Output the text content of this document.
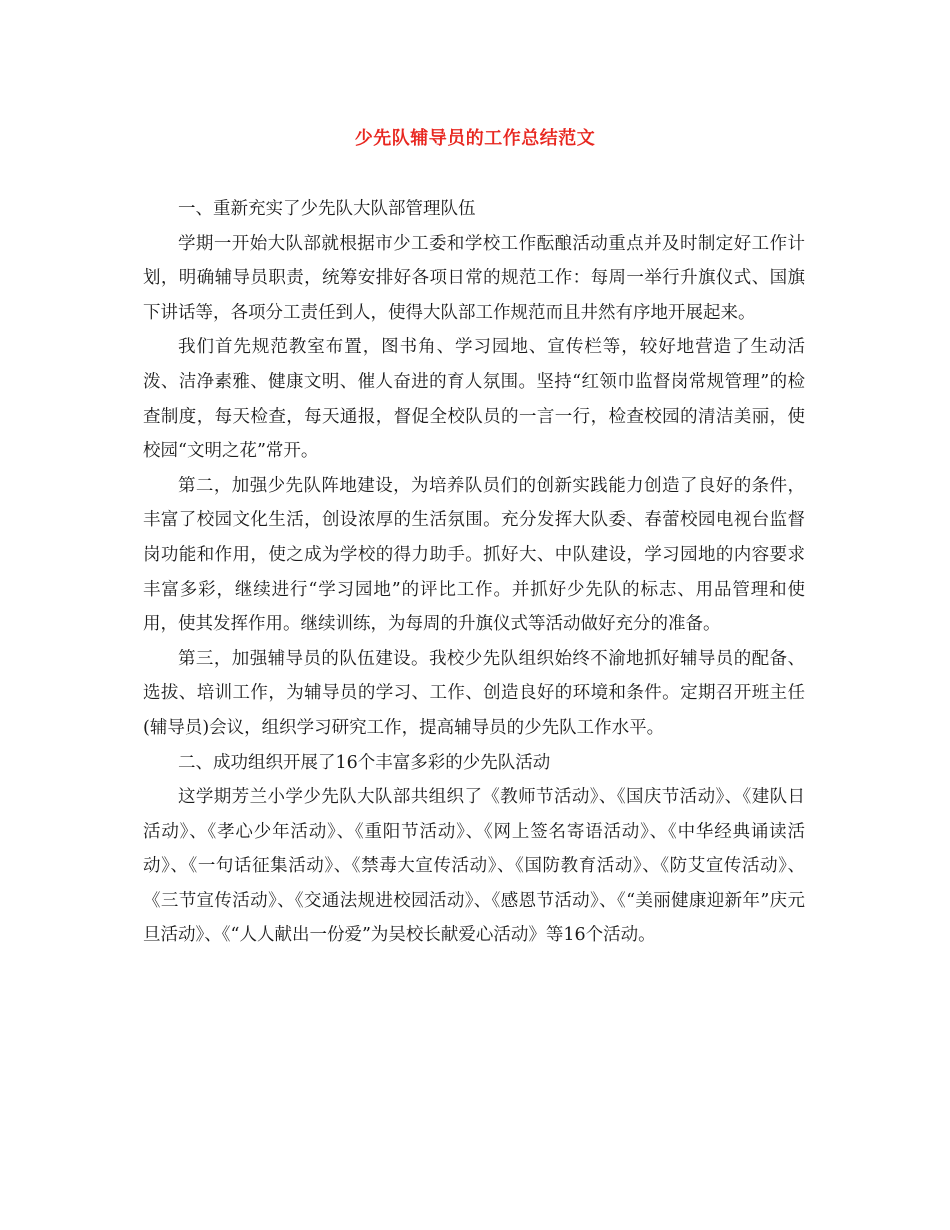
少先队辅导员的工作总结范文

一、重新充实了少先队大队部管理队伍

学期一开始大队部就根据市少工委和学校工作酝酿活动重点并及时制定好工作计划，明确辅导员职责，统筹安排好各项日常的规范工作：每周一举行升旗仪式、国旗下讲话等，各项分工责任到人，使得大队部工作规范而且井然有序地开展起来。

我们首先规范教室布置，图书角、学习园地、宣传栏等，较好地营造了生动活泼、洁净素雅、健康文明、催人奋进的育人氛围。坚持“红领巾监督岗常规管理”的检查制度，每天检查，每天通报，督促全校队员的一言一行，检查校园的清洁美丽，使校园“文明之花”常开。

第二，加强少先队阵地建设，为培养队员们的创新实践能力创造了良好的条件，丰富了校园文化生活，创设浓厚的生活氛围。充分发挥大队委、春蕾校园电视台监督岗功能和作用，使之成为学校的得力助手。抓好大、中队建设，学习园地的内容要求丰富多彩，继续进行“学习园地”的评比工作。并抓好少先队的标志、用品管理和使用，使其发挥作用。继续训练，为每周的升旗仪式等活动做好充分的准备。

第三，加强辅导员的队伍建设。我校少先队组织始终不渝地抓好辅导员的配备、选拔、培训工作，为辅导员的学习、工作、创造良好的环境和条件。定期召开班主任(辅导员)会议，组织学习研究工作，提高辅导员的少先队工作水平。

二、成功组织开展了16个丰富多彩的少先队活动

这学期芳兰小学少先队大队部共组织了《教师节活动》、《国庆节活动》、《建队日活动》、《孝心少年活动》、《重阳节活动》、《网上签名寄语活动》、《中华经典诵读活动》、《一句话征集活动》、《禁毒大宣传活动》、《国防教育活动》、《防艾宣传活动》、《三节宣传活动》、《交通法规进校园活动》、《感恩节活动》、《“美丽健康迎新年”庆元旦活动》、《“人人献出一份爱”为吴校长献爱心活动》等16个活动。
